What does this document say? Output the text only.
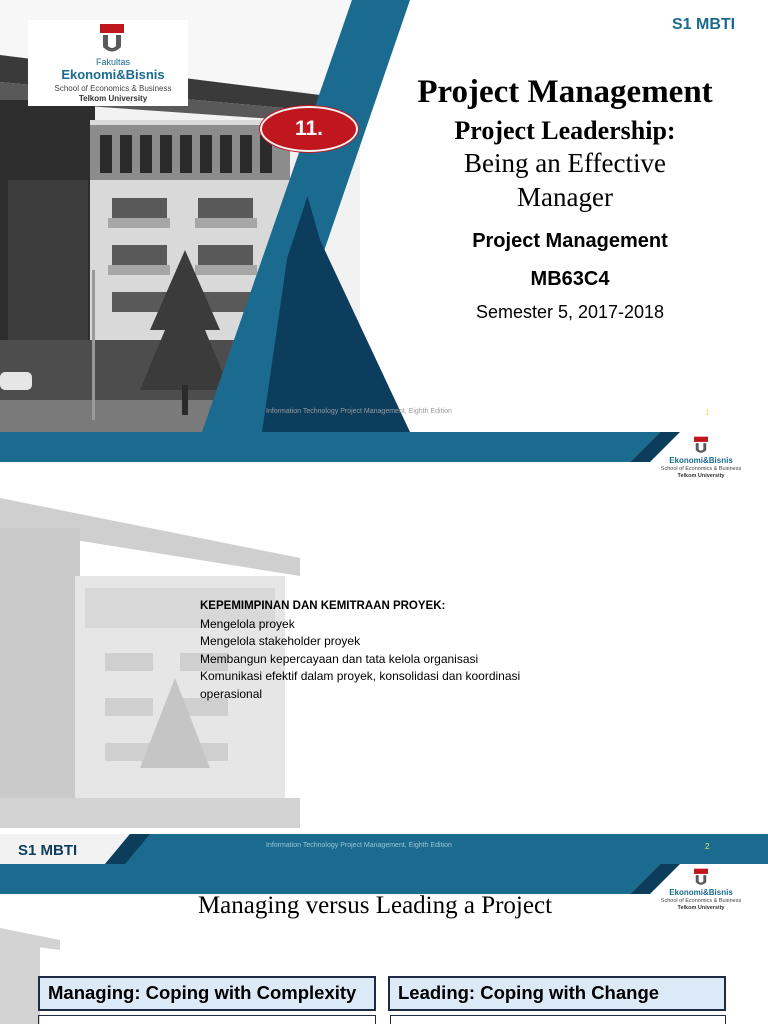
Fakultas
Ekonomi&Bisnis
School of Economics & Business
Telkom University
11.
S1 MBTI
Project Management
Project Leadership:
Being an Effective
Manager
Project Management
MB63C4
Semester 5, 2017-2018
Information Technology Project Management, Eighth Edition	1
Ekonomi&Bisnis
School of Economics & Business
Telkom University
KEPEMIMPINAN DAN KEMITRAAN PROYEK:
Mengelola proyek
Mengelola stakeholder proyek
Membangun kepercayaan dan tata kelola organisasi
Komunikasi efektif dalam proyek, konsolidasi dan koordinasi
operasional
S1 MBTI	Information Technology Project Management, Eighth Edition	2
Ekonomi&Bisnis
School of Economics & Business
Telkom University
Managing versus Leading a Project
Managing: Coping with Complexity	Leading: Coping with Change
